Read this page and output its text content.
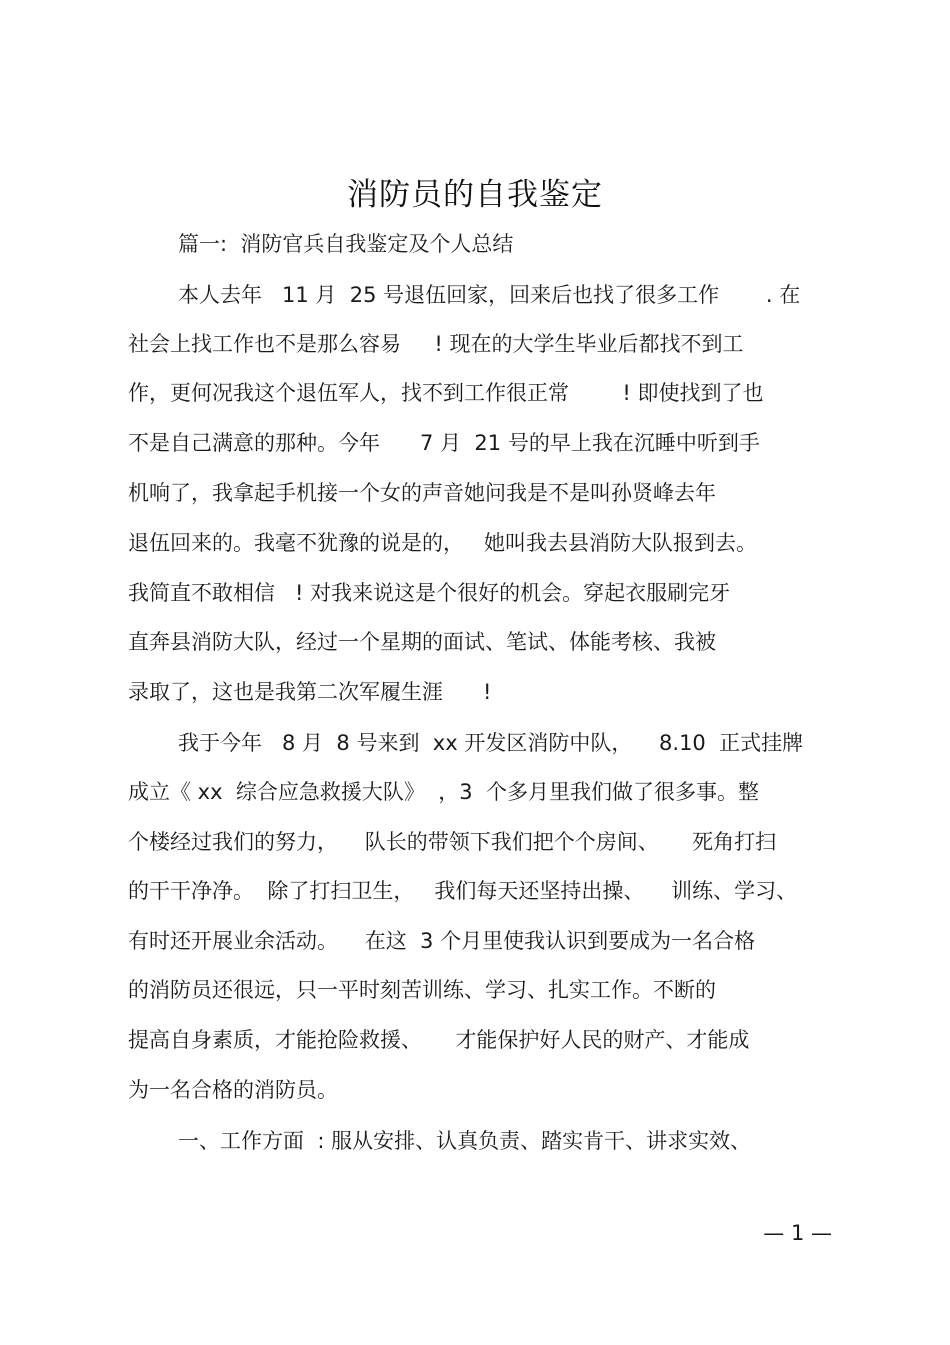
消防员的自我鉴定
篇一:  消防官兵自我鉴定及个人总结
本人去年   11 月  25 号退伍回家，回来后也找了很多工作       . 在
社会上找工作也不是那么容易     ! 现在的大学生毕业后都找不到工
作，更何况我这个退伍军人，找不到工作很正常        ! 即使找到了也
不是自己满意的那种。今年      7 月  21 号的早上我在沉睡中听到手
机响了，我拿起手机接一个女的声音她问我是不是叫孙贤峰去年
退伍回来的。我毫不犹豫的说是的，   她叫我去县消防大队报到去。
我简直不敢相信   ! 对我来说这是个很好的机会。穿起衣服刷完牙
直奔县消防大队，经过一个星期的面试、笔试、体能考核、我被
录取了，这也是我第二次军履生涯      !
我于今年   8 月  8 号来到  xx 开发区消防中队，    8.10  正式挂牌
成立《 xx  综合应急救援大队》  ，3  个多月里我们做了很多事。整
个楼经过我们的努力，    队长的带领下我们把个个房间、     死角打扫
的干干净净。  除了打扫卫生，   我们每天还坚持出操、    训练、学习、
有时还开展业余活动。    在这  3 个月里使我认识到要成为一名合格
的消防员还很远，只一平时刻苦训练、学习、扎实工作。不断的
提高自身素质，才能抢险救援、     才能保护好人民的财产、才能成
为一名合格的消防员。
一、工作方面  : 服从安排、认真负责、踏实肯干、讲求实效、
— 1 —
